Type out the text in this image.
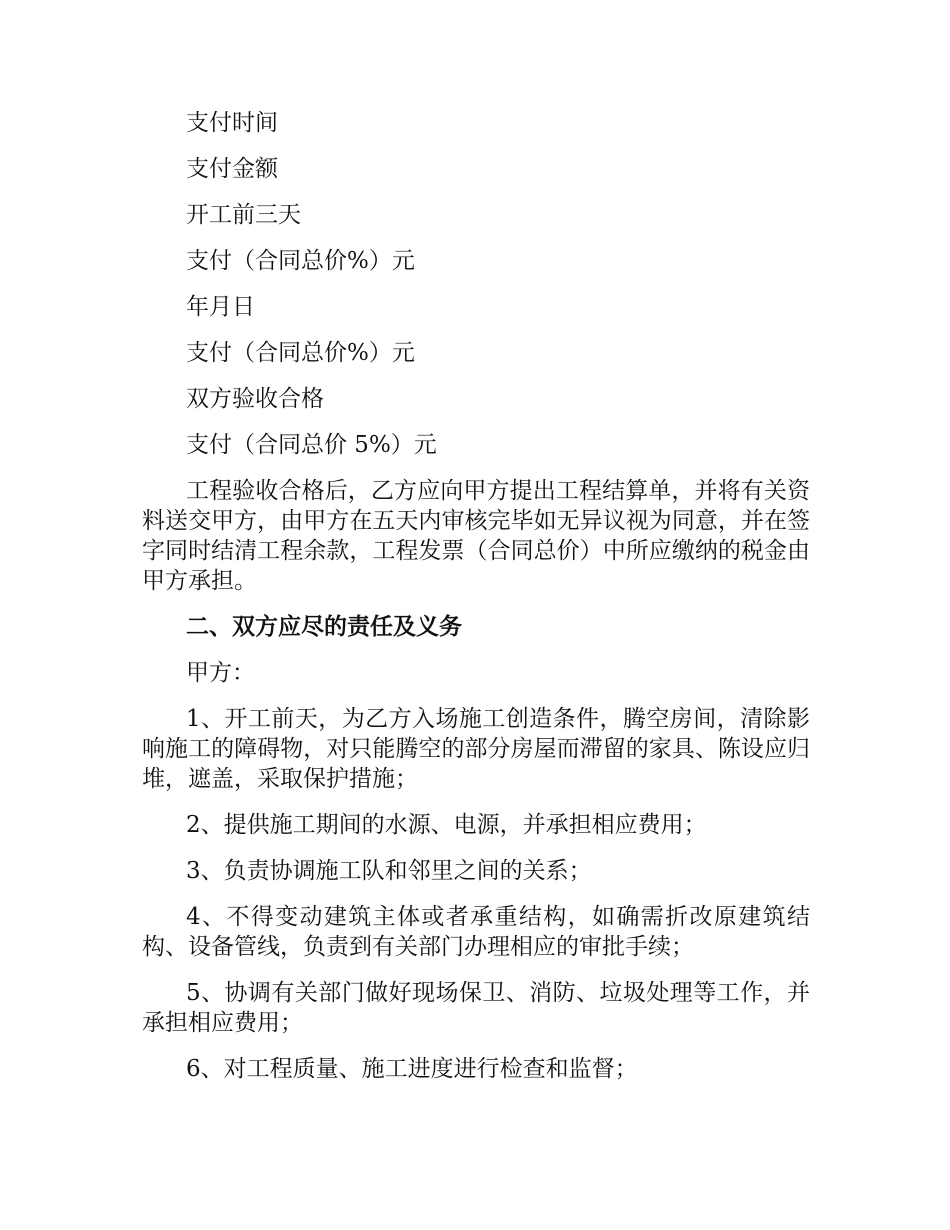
支付时间

支付金额

开工前三天

支付（合同总价%）元

年月日

支付（合同总价%）元

双方验收合格

支付（合同总价 5%）元

工程验收合格后，乙方应向甲方提出工程结算单，并将有关资料送交甲方，由甲方在五天内审核完毕如无异议视为同意，并在签字同时结清工程余款，工程发票（合同总价）中所应缴纳的税金由甲方承担。

二、双方应尽的责任及义务

甲方：

1、开工前天，为乙方入场施工创造条件，腾空房间，清除影响施工的障碍物，对只能腾空的部分房屋而滞留的家具、陈设应归堆，遮盖，采取保护措施；

2、提供施工期间的水源、电源，并承担相应费用；

3、负责协调施工队和邻里之间的关系；

4、不得变动建筑主体或者承重结构，如确需折改原建筑结构、设备管线，负责到有关部门办理相应的审批手续；

5、协调有关部门做好现场保卫、消防、垃圾处理等工作，并承担相应费用；

6、对工程质量、施工进度进行检查和监督；
